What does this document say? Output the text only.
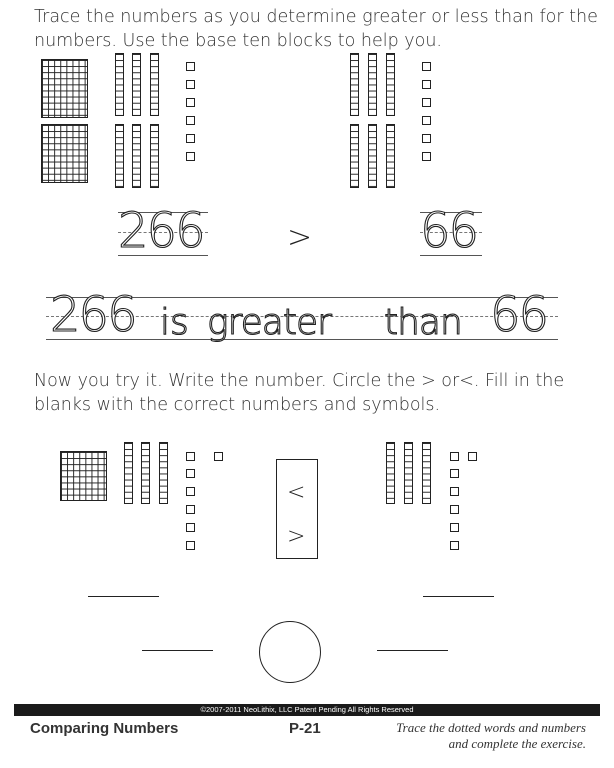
Trace the numbers as you determine greater or less than for the
numbers. Use the base ten blocks to help you.
266	> 66
266 is greater than 66
Now you try it. Write the number. Circle the > or<. Fill in the
blanks with the correct numbers and symbols.
<
>
©2007-2011 NeoLithix, LLC Patent Pending All Rights Reserved
Comparing Numbers	P-21	Trace the dotted words and numbers
and complete the exercise.
